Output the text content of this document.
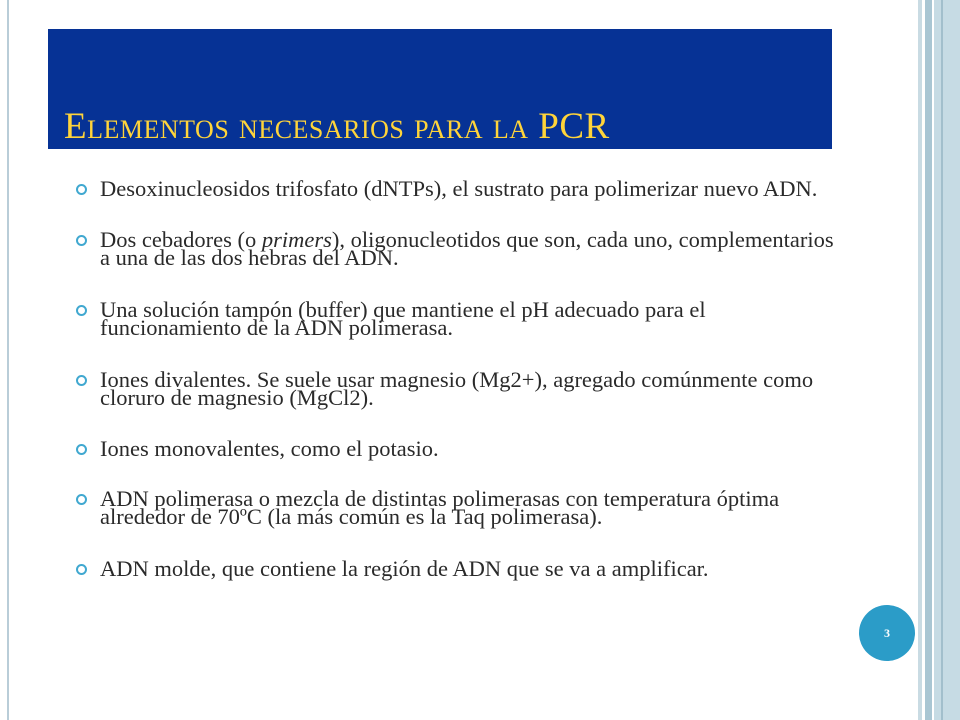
Elementos necesarios para la PCR
Desoxinucleosidos trifosfato (dNTPs), el sustrato para polimerizar nuevo ADN.
Dos cebadores (o primers), oligonucleotidos que son, cada uno, complementarios a una de las dos hebras del ADN.
Una solución tampón (buffer) que mantiene el pH adecuado para el funcionamiento de la ADN polimerasa.
Iones divalentes. Se suele usar magnesio (Mg2+), agregado comúnmente como cloruro de magnesio (MgCl2).
Iones monovalentes, como el potasio.
ADN polimerasa o mezcla de distintas polimerasas con temperatura óptima alrededor de 70ºC (la más común es la Taq polimerasa).
ADN molde, que contiene la región de ADN que se va a amplificar.
3
